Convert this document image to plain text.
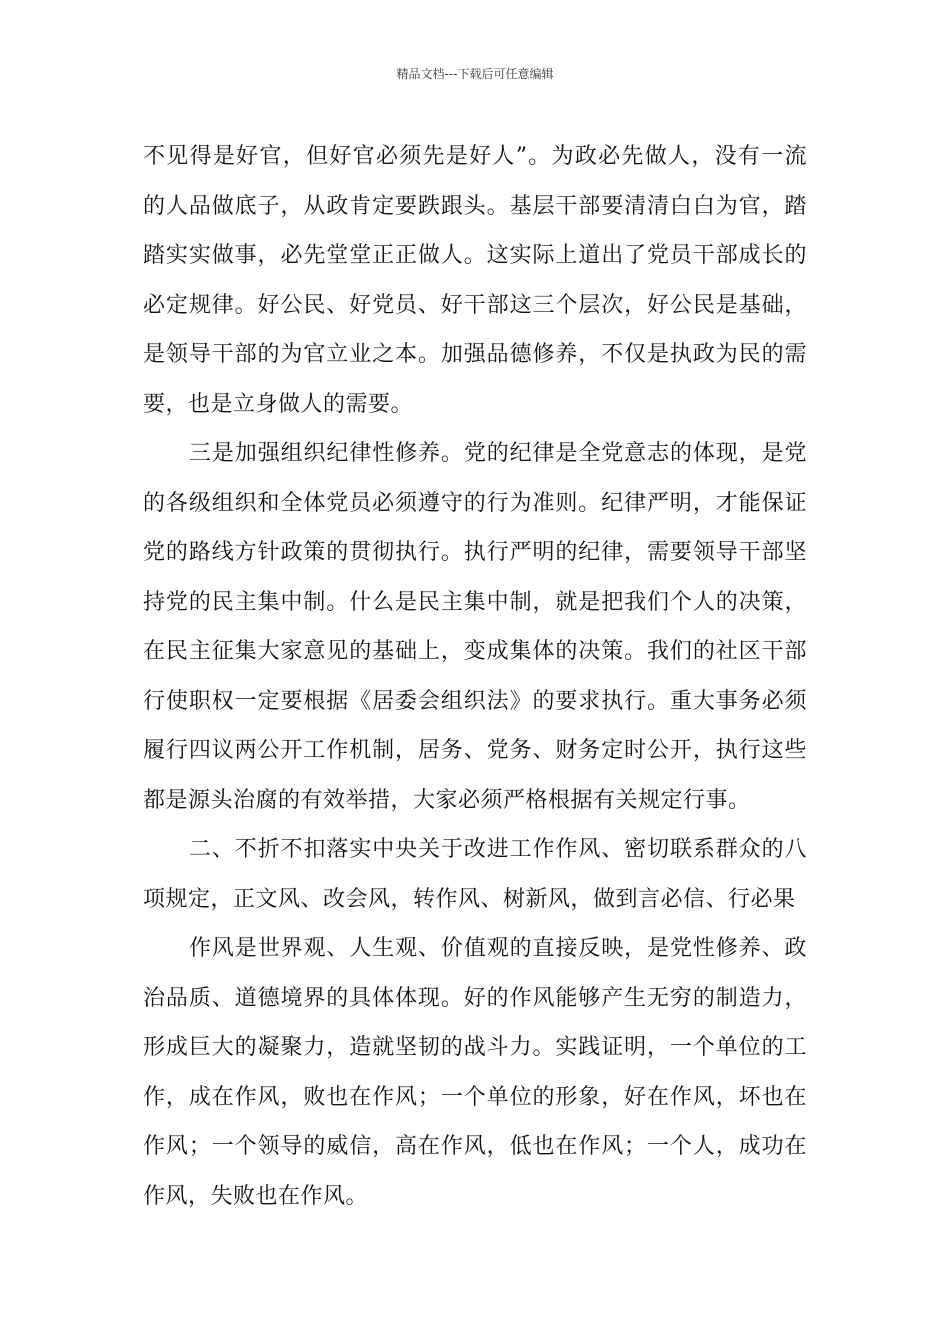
精品文档---下载后可任意编辑

不见得是好官，但好官必须先是好人”。为政必先做人，没有一流的人品做底子，从政肯定要跌跟头。基层干部要清清白白为官，踏踏实实做事，必先堂堂正正做人。这实际上道出了党员干部成长的必定规律。好公民、好党员、好干部这三个层次，好公民是基础，是领导干部的为官立业之本。加强品德修养，不仅是执政为民的需要，也是立身做人的需要。

三是加强组织纪律性修养。党的纪律是全党意志的体现，是党的各级组织和全体党员必须遵守的行为准则。纪律严明，才能保证党的路线方针政策的贯彻执行。执行严明的纪律，需要领导干部坚持党的民主集中制。什么是民主集中制，就是把我们个人的决策，在民主征集大家意见的基础上，变成集体的决策。我们的社区干部行使职权一定要根据《居委会组织法》的要求执行。重大事务必须履行四议两公开工作机制，居务、党务、财务定时公开，执行这些都是源头治腐的有效举措，大家必须严格根据有关规定行事。

二、不折不扣落实中央关于改进工作作风、密切联系群众的八项规定，正文风、改会风，转作风、树新风，做到言必信、行必果

作风是世界观、人生观、价值观的直接反映，是党性修养、政治品质、道德境界的具体体现。好的作风能够产生无穷的制造力，形成巨大的凝聚力，造就坚韧的战斗力。实践证明，一个单位的工作，成在作风，败也在作风；一个单位的形象，好在作风，坏也在作风；一个领导的威信，高在作风，低也在作风；一个人，成功在作风，失败也在作风。
